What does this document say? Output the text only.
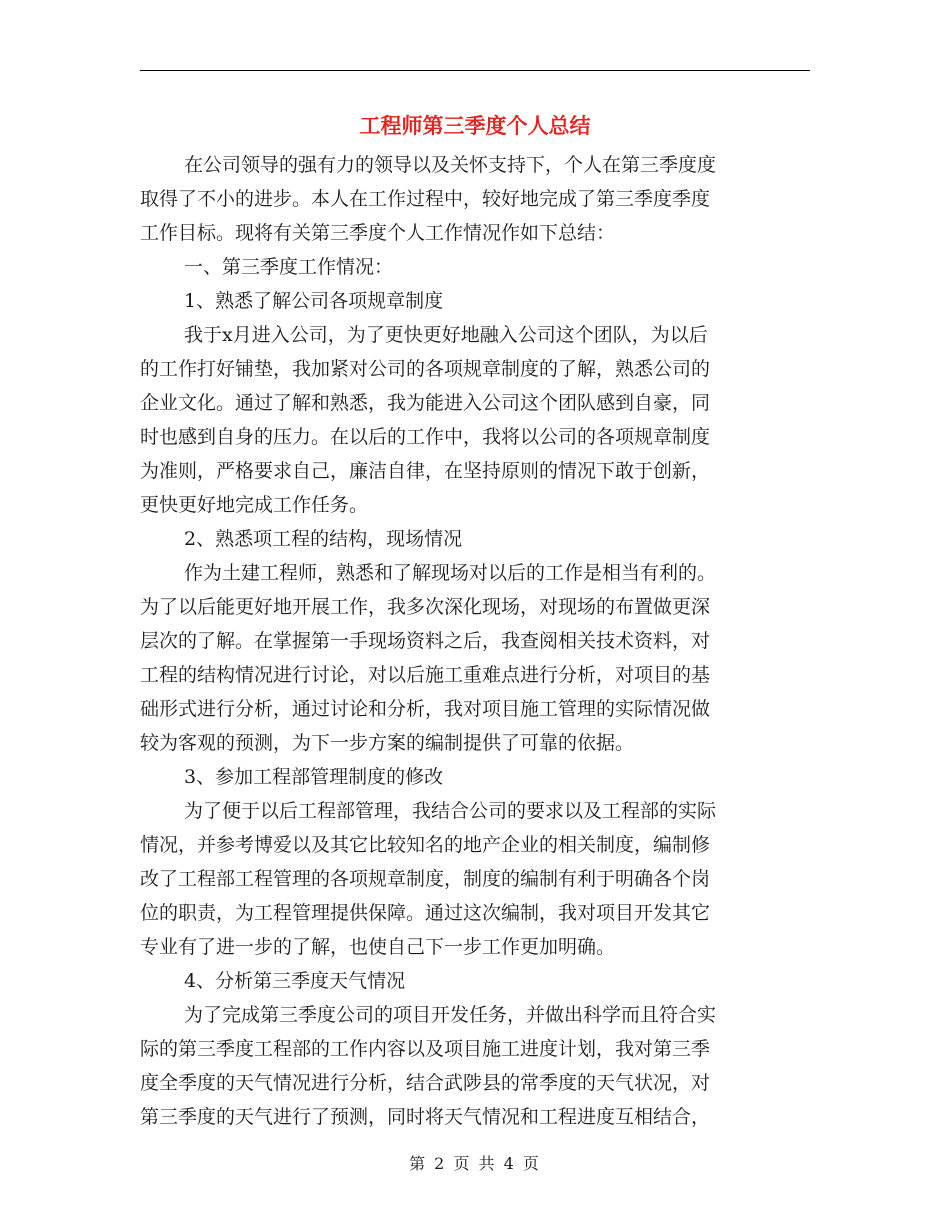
工程师第三季度个人总结
在公司领导的强有力的领导以及关怀支持下，个人在第三季度度
取得了不小的进步。本人在工作过程中，较好地完成了第三季度季度
工作目标。现将有关第三季度个人工作情况作如下总结：
一、第三季度工作情况：
1、熟悉了解公司各项规章制度
我于x月进入公司，为了更快更好地融入公司这个团队，为以后
的工作打好铺垫，我加紧对公司的各项规章制度的了解，熟悉公司的
企业文化。通过了解和熟悉，我为能进入公司这个团队感到自豪，同
时也感到自身的压力。在以后的工作中，我将以公司的各项规章制度
为准则，严格要求自己，廉洁自律，在坚持原则的情况下敢于创新，
更快更好地完成工作任务。
2、熟悉项工程的结构，现场情况
作为土建工程师，熟悉和了解现场对以后的工作是相当有利的。
为了以后能更好地开展工作，我多次深化现场，对现场的布置做更深
层次的了解。在掌握第一手现场资料之后，我查阅相关技术资料，对
工程的结构情况进行讨论，对以后施工重难点进行分析，对项目的基
础形式进行分析，通过讨论和分析，我对项目施工管理的实际情况做
较为客观的预测，为下一步方案的编制提供了可靠的依据。
3、参加工程部管理制度的修改
为了便于以后工程部管理，我结合公司的要求以及工程部的实际
情况，并参考博爱以及其它比较知名的地产企业的相关制度，编制修
改了工程部工程管理的各项规章制度，制度的编制有利于明确各个岗
位的职责，为工程管理提供保障。通过这次编制，我对项目开发其它
专业有了进一步的了解，也使自己下一步工作更加明确。
4、分析第三季度天气情况
为了完成第三季度公司的项目开发任务，并做出科学而且符合实
际的第三季度工程部的工作内容以及项目施工进度计划，我对第三季
度全季度的天气情况进行分析，结合武陟县的常季度的天气状况，对
第三季度的天气进行了预测，同时将天气情况和工程进度互相结合，
第 2 页 共 4 页
